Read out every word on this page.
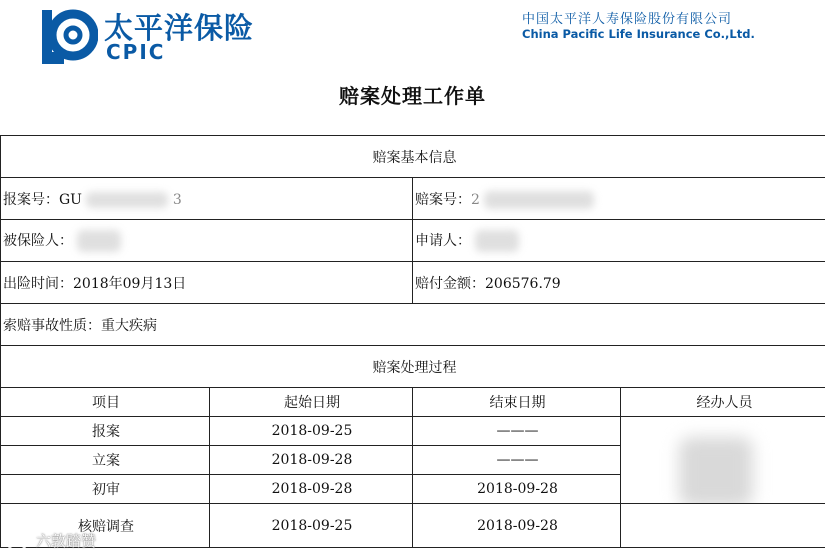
太平洋保险
CPIC
中国太平洋人寿保险股份有限公司
China Pacific Life Insurance Co.,Ltd.
赔案处理工作单
赔案基本信息			
报案号：GU 3		赔案号：2	
被保险人：		申请人：	
出险时间：2018年09月13日		赔付金额：206576.79	
索赔事故性质：重大疾病			
赔案处理过程			
项目	起始日期	结束日期	经办人员
报案	2018-09-25	———	

立案	2018-09-28	———	
初审	2018-09-28	2018-09-28	
核赔调查	2018-09-25	2018-09-28	
六敦踏赞
